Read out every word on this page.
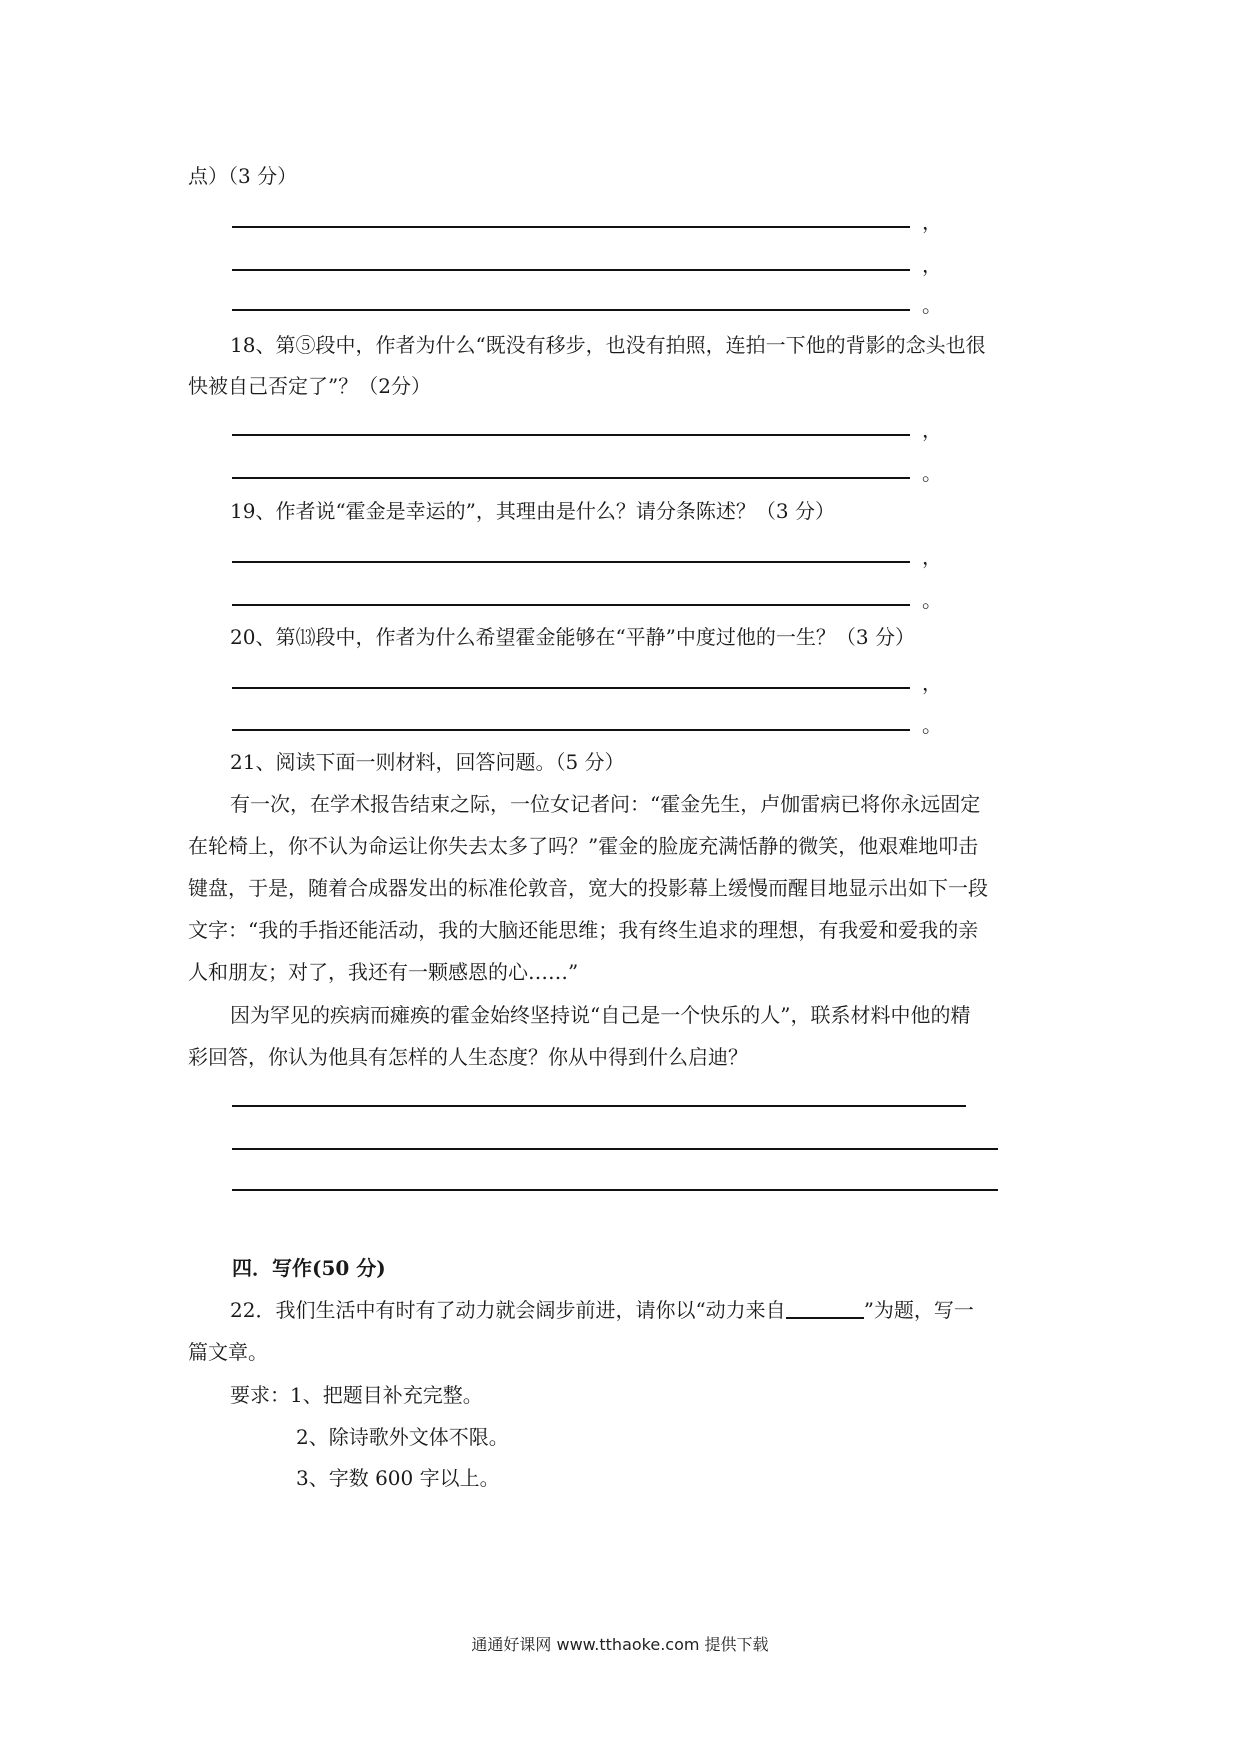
点）（3 分）
，
，
。
18、第⑤段中，作者为什么“既没有移步，也没有拍照，连拍一下他的背影的念头也很
快被自己否定了”？（2分）
，
。
19、作者说“霍金是幸运的”，其理由是什么？请分条陈述？（3 分）
，
。
20、第⒀段中，作者为什么希望霍金能够在“平静”中度过他的一生？（3 分）
，
。
21、阅读下面一则材料，回答问题。（5 分）
有一次，在学术报告结束之际，一位女记者问：“霍金先生，卢伽雷病已将你永远固定
在轮椅上，你不认为命运让你失去太多了吗？”霍金的脸庞充满恬静的微笑，他艰难地叩击
键盘，于是，随着合成器发出的标准伦敦音，宽大的投影幕上缓慢而醒目地显示出如下一段
文字：“我的手指还能活动，我的大脑还能思维；我有终生追求的理想，有我爱和爱我的亲
人和朋友；对了，我还有一颗感恩的心……”
因为罕见的疾病而瘫痪的霍金始终坚持说“自己是一个快乐的人”，联系材料中他的精
彩回答，你认为他具有怎样的人生态度？你从中得到什么启迪？
四．写作(50 分)
22．我们生活中有时有了动力就会阔步前进，请你以“动力来自	”为题，写一
篇文章。
要求：1、把题目补充完整。
2、除诗歌外文体不限。
3、字数 600 字以上。
通通好课网 www.tthaoke.com 提供下载
